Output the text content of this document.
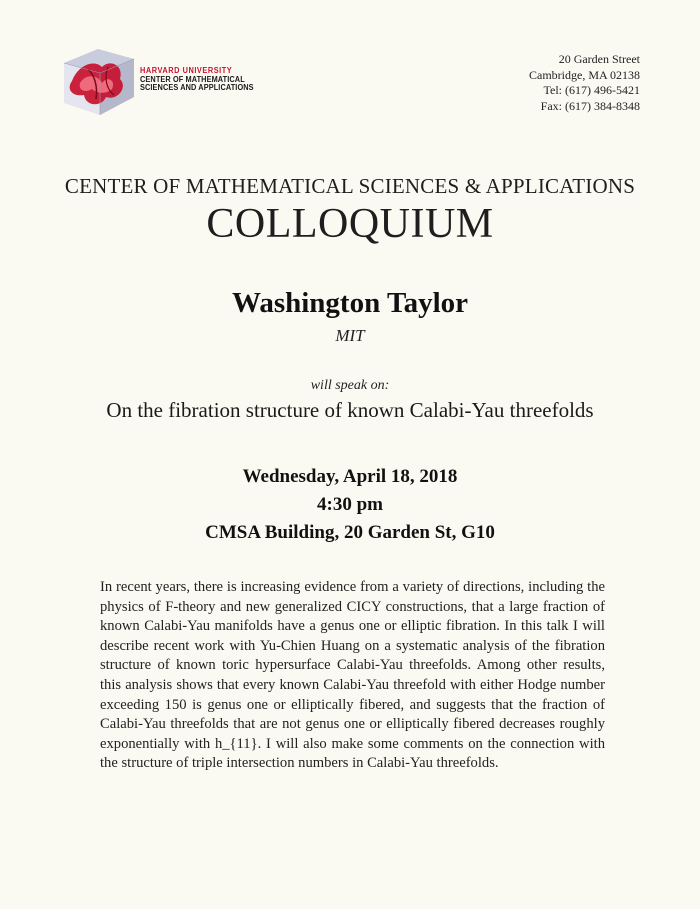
HARVARD UNIVERSITY
CENTER OF MATHEMATICAL
SCIENCES AND APPLICATIONS
20 Garden Street
Cambridge, MA 02138
Tel: (617) 496-5421
Fax: (617) 384-8348
CENTER OF MATHEMATICAL SCIENCES & APPLICATIONS
COLLOQUIUM
Washington Taylor
MIT
will speak on:
On the fibration structure of known Calabi-Yau threefolds
Wednesday, April 18, 2018
4:30 pm
CMSA Building, 20 Garden St, G10
In recent years, there is increasing evidence from a variety of directions, including the physics of F-theory and new generalized CICY constructions, that a large fraction of known Calabi-Yau manifolds have a genus one or elliptic fibration. In this talk I will describe recent work with Yu-Chien Huang on a systematic analysis of the fibration structure of known toric hypersurface Calabi-Yau threefolds. Among other results, this analysis shows that every known Calabi-Yau threefold with either Hodge number exceeding 150 is genus one or elliptically fibered, and suggests that the fraction of Calabi-Yau threefolds that are not genus one or elliptically fibered decreases roughly exponentially with h_{11}. I will also make some comments on the connection with the structure of triple intersection numbers in Calabi-Yau threefolds.
